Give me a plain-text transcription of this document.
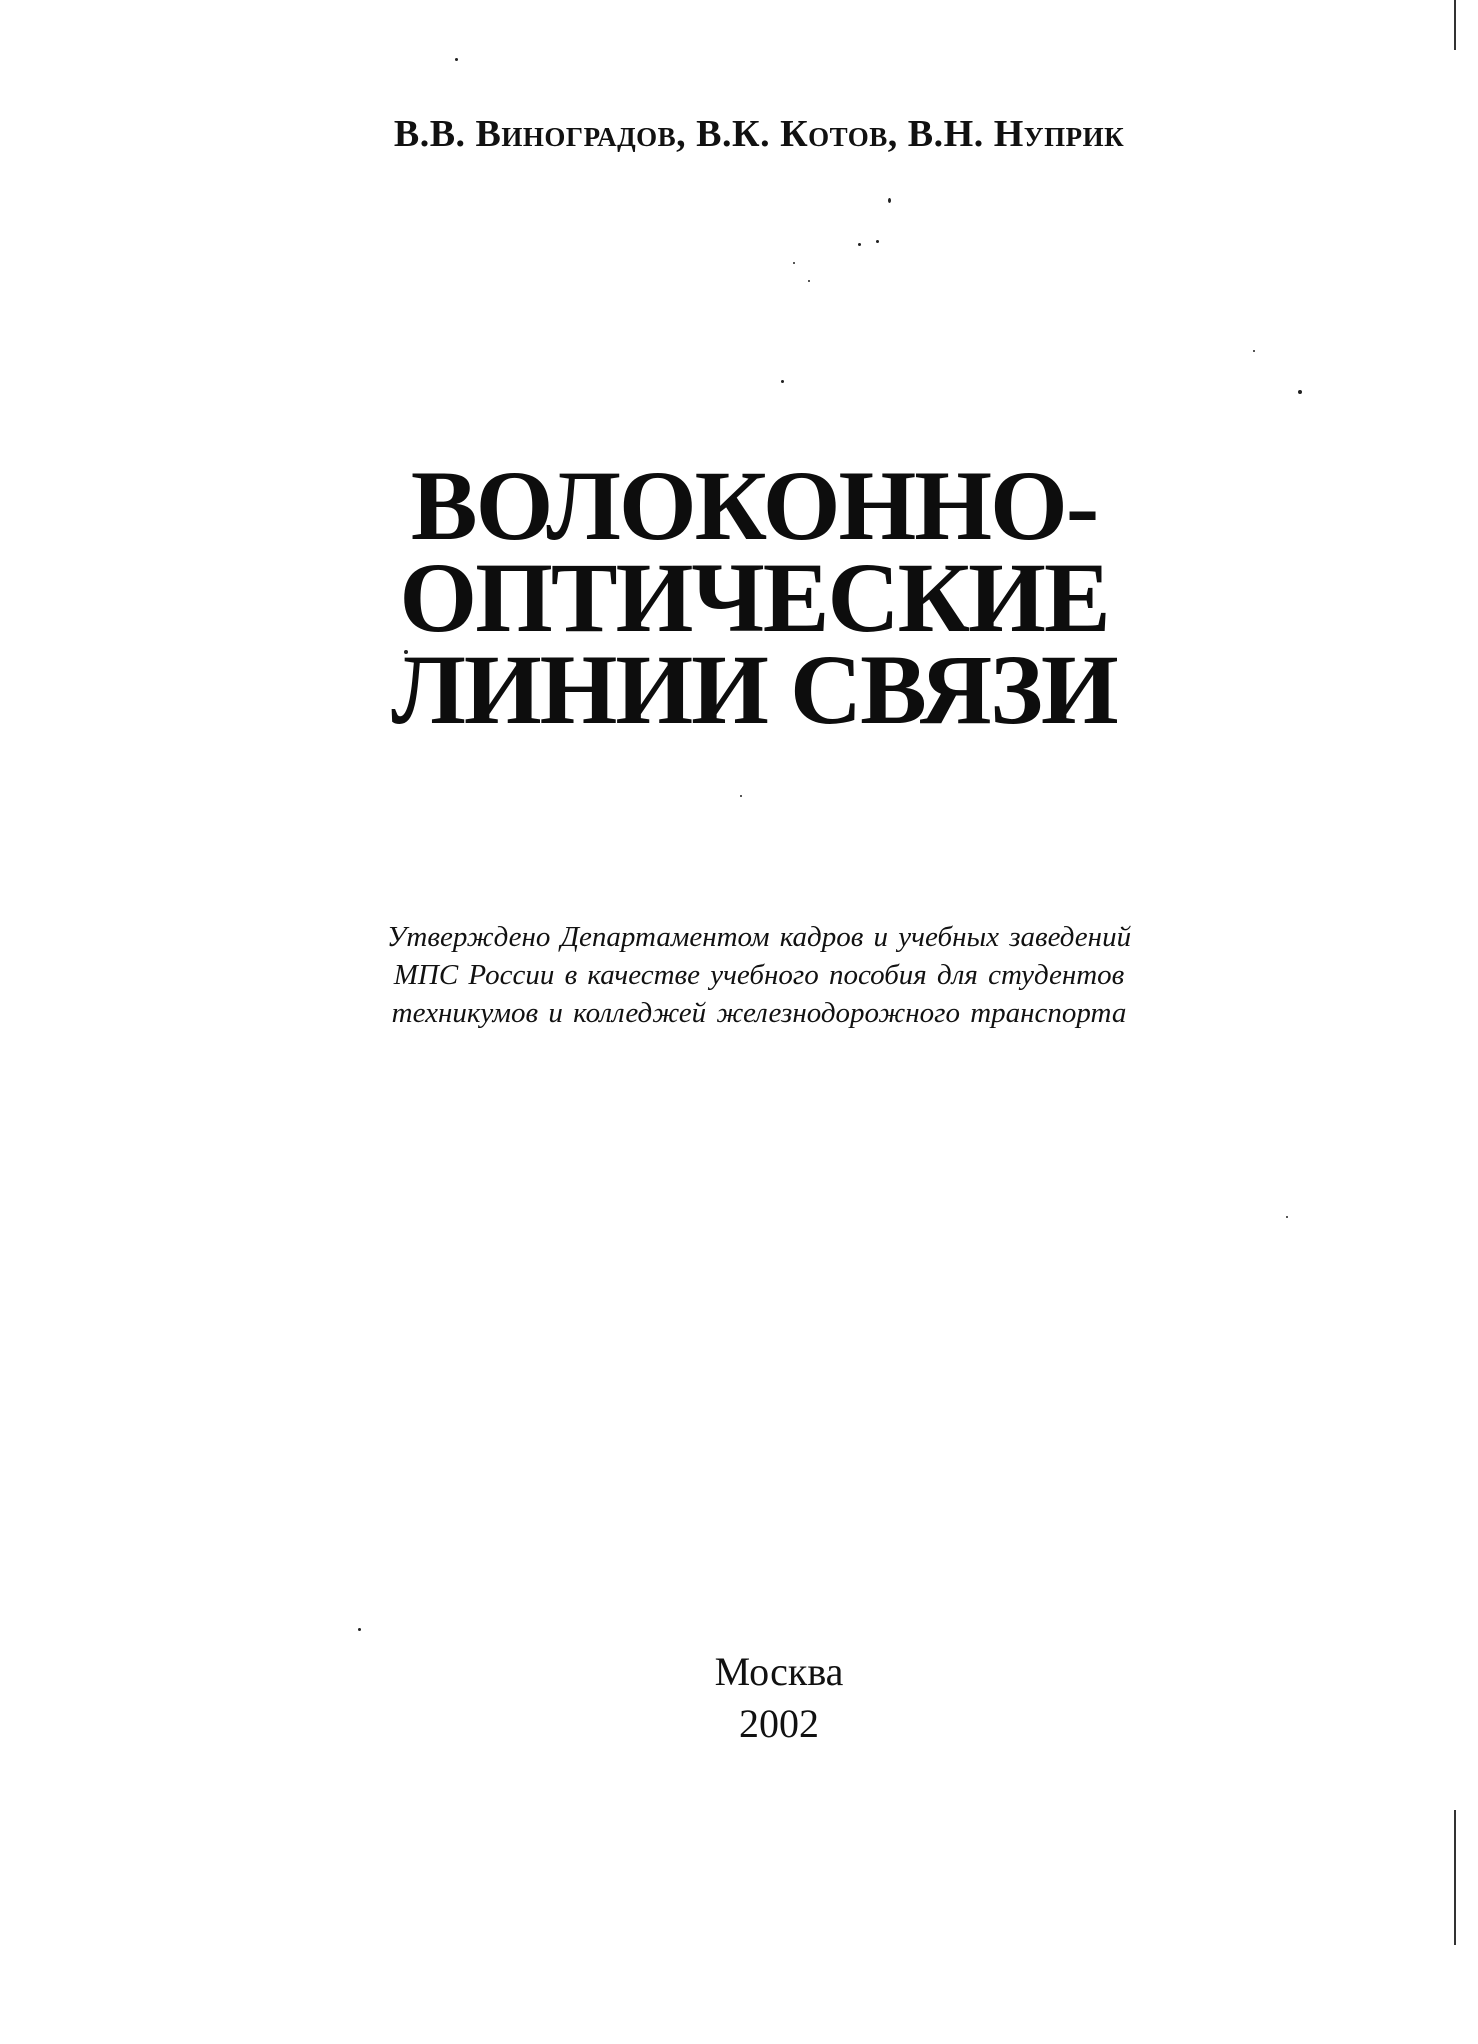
В.В. Виноградов, В.К. Котов, В.Н. Нуприк
ВОЛОКОННО-
ОПТИЧЕСКИЕ
ЛИНИИ СВЯЗИ
Утверждено Департаментом кадров и учебных заведений
МПС России в качестве учебного пособия для студентов
техникумов и колледжей железнодорожного транспорта
Москва
2002
